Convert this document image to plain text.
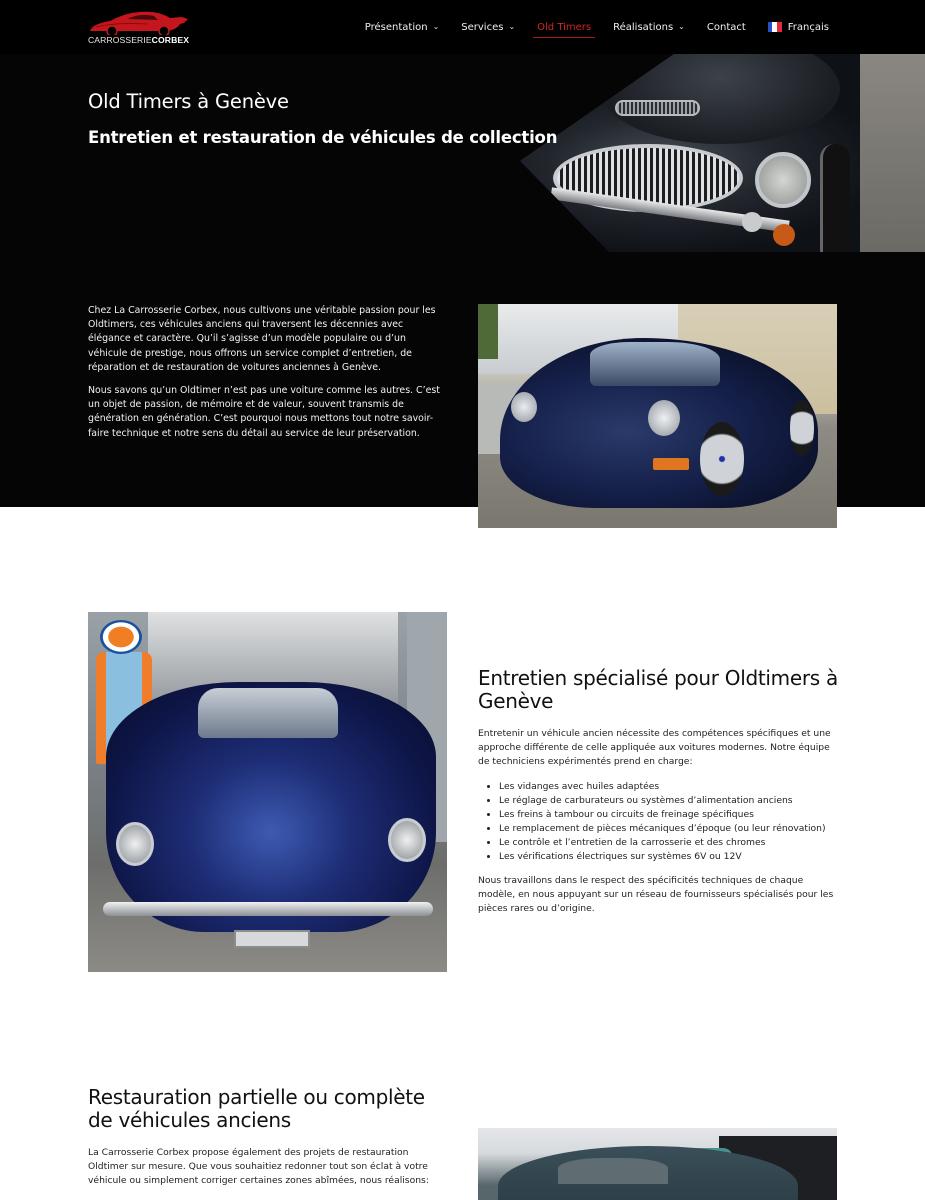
CARROSSERIECORBEX
Présentation ⌄ Services ⌄ Old Timers Réalisations ⌄ Contact	Français
Old Timers à Genève
Entretien et restauration de véhicules de collection

Chez La Carrosserie Corbex, nous cultivons une véritable passion pour les Oldtimers, ces véhicules anciens qui traversent les décennies avec élégance et caractère. Qu’il s’agisse d’un modèle populaire ou d’un véhicule de prestige, nous offrons un service complet d’entretien, de réparation et de restauration de voitures anciennes à Genève.

Nous savons qu’un Oldtimer n’est pas une voiture comme les autres. C’est un objet de passion, de mémoire et de valeur, souvent transmis de génération en génération. C’est pourquoi nous mettons tout notre savoir-faire technique et notre sens du détail au service de leur préservation.

Entretien spécialisé pour Oldtimers à Genève

Entretenir un véhicule ancien nécessite des compétences spécifiques et une approche différente de celle appliquée aux voitures modernes. Notre équipe de techniciens expérimentés prend en charge:

• Les vidanges avec huiles adaptées
• Le réglage de carburateurs ou systèmes d’alimentation anciens
• Les freins à tambour ou circuits de freinage spécifiques
• Le remplacement de pièces mécaniques d’époque (ou leur rénovation)
• Le contrôle et l’entretien de la carrosserie et des chromes
• Les vérifications électriques sur systèmes 6V ou 12V

Nous travaillons dans le respect des spécificités techniques de chaque modèle, en nous appuyant sur un réseau de fournisseurs spécialisés pour les pièces rares ou d’origine.

Restauration partielle ou complète de véhicules anciens

La Carrosserie Corbex propose également des projets de restauration Oldtimer sur mesure. Que vous souhaitiez redonner tout son éclat à votre véhicule ou simplement corriger certaines zones abîmées, nous réalisons:
